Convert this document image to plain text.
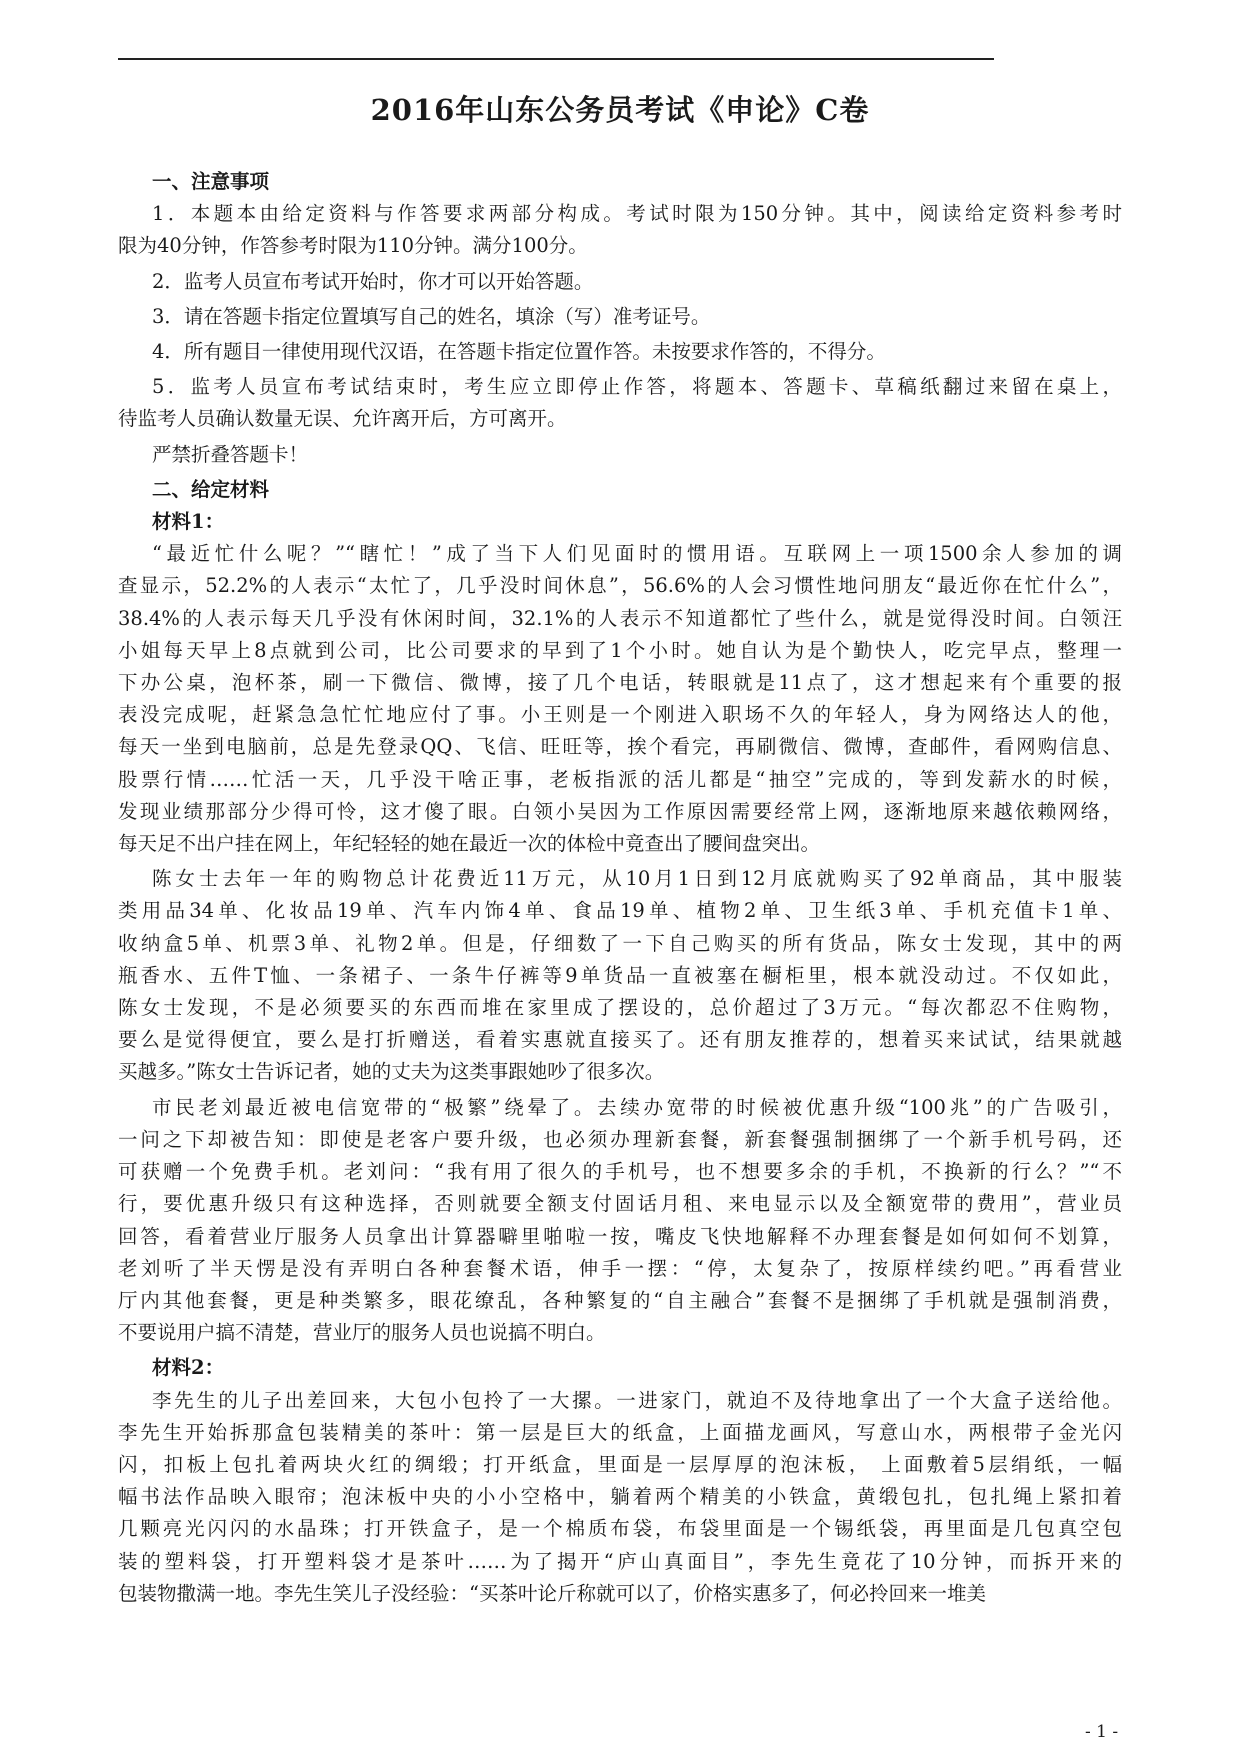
2016年山东公务员考试《申论》C卷
一、注意事项
1．本题本由给定资料与作答要求两部分构成。考试时限为150分钟。其中，阅读给定资料参考时
限为40分钟，作答参考时限为110分钟。满分100分。
2．监考人员宣布考试开始时，你才可以开始答题。
3．请在答题卡指定位置填写自己的姓名，填涂（写）准考证号。
4．所有题目一律使用现代汉语，在答题卡指定位置作答。未按要求作答的，不得分。
5．监考人员宣布考试结束时，考生应立即停止作答，将题本、答题卡、草稿纸翻过来留在桌上，
待监考人员确认数量无误、允许离开后，方可离开。
严禁折叠答题卡！
二、给定材料
材料1：
“最近忙什么呢？”“瞎忙！”成了当下人们见面时的惯用语。互联网上一项1500余人参加的调
查显示，52.2%的人表示“太忙了，几乎没时间休息”，56.6%的人会习惯性地问朋友“最近你在忙什么”，
38.4%的人表示每天几乎没有休闲时间，32.1%的人表示不知道都忙了些什么，就是觉得没时间。白领汪
小姐每天早上8点就到公司，比公司要求的早到了1个小时。她自认为是个勤快人，吃完早点，整理一
下办公桌，泡杯茶，刷一下微信、微博，接了几个电话，转眼就是11点了，这才想起来有个重要的报
表没完成呢，赶紧急急忙忙地应付了事。小王则是一个刚进入职场不久的年轻人，身为网络达人的他，
每天一坐到电脑前，总是先登录QQ、飞信、旺旺等，挨个看完，再刷微信、微博，查邮件，看网购信息、
股票行情……忙活一天，几乎没干啥正事，老板指派的活儿都是“抽空”完成的，等到发薪水的时候，
发现业绩那部分少得可怜，这才傻了眼。白领小吴因为工作原因需要经常上网，逐渐地原来越依赖网络，
每天足不出户挂在网上，年纪轻轻的她在最近一次的体检中竟查出了腰间盘突出。
陈女士去年一年的购物总计花费近11万元，从10月1日到12月底就购买了92单商品，其中服装
类用品34单、化妆品19单、汽车内饰4单、食品19单、植物2单、卫生纸3单、手机充值卡1单、
收纳盒5单、机票3单、礼物2单。但是，仔细数了一下自己购买的所有货品，陈女士发现，其中的两
瓶香水、五件T恤、一条裙子、一条牛仔裤等9单货品一直被塞在橱柜里，根本就没动过。不仅如此，
陈女士发现，不是必须要买的东西而堆在家里成了摆设的，总价超过了3万元。“每次都忍不住购物，
要么是觉得便宜，要么是打折赠送，看着实惠就直接买了。还有朋友推荐的，想着买来试试，结果就越
买越多。”陈女士告诉记者，她的丈夫为这类事跟她吵了很多次。
市民老刘最近被电信宽带的“极繁”绕晕了。去续办宽带的时候被优惠升级“100兆”的广告吸引，
一问之下却被告知：即使是老客户要升级，也必须办理新套餐，新套餐强制捆绑了一个新手机号码，还
可获赠一个免费手机。老刘问：“我有用了很久的手机号，也不想要多余的手机，不换新的行么？”“不
行，要优惠升级只有这种选择，否则就要全额支付固话月租、来电显示以及全额宽带的费用”，营业员
回答，看着营业厅服务人员拿出计算器噼里啪啦一按，嘴皮飞快地解释不办理套餐是如何如何不划算，
老刘听了半天愣是没有弄明白各种套餐术语，伸手一摆：“停，太复杂了，按原样续约吧。”再看营业
厅内其他套餐，更是种类繁多，眼花缭乱，各种繁复的“自主融合”套餐不是捆绑了手机就是强制消费，
不要说用户搞不清楚，营业厅的服务人员也说搞不明白。
材料2：
李先生的儿子出差回来，大包小包拎了一大摞。一进家门，就迫不及待地拿出了一个大盒子送给他。
李先生开始拆那盒包装精美的茶叶：第一层是巨大的纸盒，上面描龙画风，写意山水，两根带子金光闪
闪，扣板上包扎着两块火红的绸缎；打开纸盒，里面是一层厚厚的泡沫板， 上面敷着5层绢纸，一幅
幅书法作品映入眼帘；泡沫板中央的小小空格中，躺着两个精美的小铁盒，黄缎包扎，包扎绳上紧扣着
几颗亮光闪闪的水晶珠；打开铁盒子，是一个棉质布袋，布袋里面是一个锡纸袋，再里面是几包真空包
装的塑料袋，打开塑料袋才是茶叶……为了揭开“庐山真面目”，李先生竟花了10分钟，而拆开来的
包装物撒满一地。李先生笑儿子没经验：“买茶叶论斤称就可以了，价格实惠多了，何必拎回来一堆美
- 1 -
